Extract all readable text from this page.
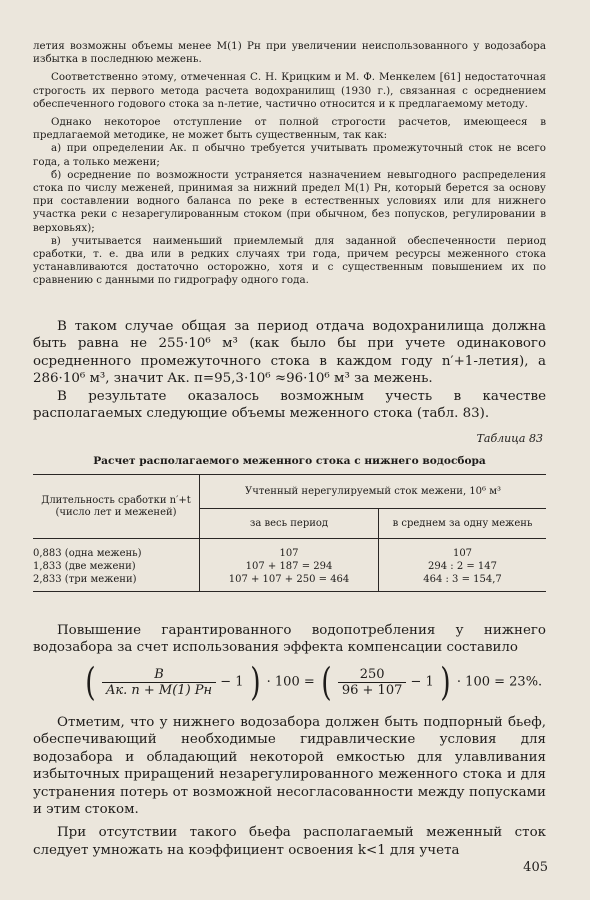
летия возможны объемы менее M(1) Pн при увеличении неиспользованного у водозабора избытка в последнюю межень.

Соответственно этому, отмеченная С. Н. Крицким и М. Ф. Менкелем [61] недостаточная строгость их первого метода расчета водохранилищ (1930 г.), связанная с осреднением обеспеченного годового стока за n-летие, частично относится и к предлагаемому методу.

Однако некоторое отступление от полной строгости расчетов, имеющееся в предлагаемой методике, не может быть существенным, так как:

а) при определении Aк. п обычно требуется учитывать промежуточный сток не всего года, а только межени;

б) осреднение по возможности устраняется назначением невыгодного распределения стока по числу меженей, принимая за нижний предел M(1) Pн, который берется за основу при составлении водного баланса по реке в естественных условиях или для нижнего участка реки с незарегулированным стоком (при обычном, без попусков, регулировании в верховьях);

в) учитывается наименьший приемлемый для заданной обеспеченности период сработки, т. е. два или в редких случаях три года, причем ресурсы меженного стока устанавливаются достаточно осторожно, хотя и с существенным повышением их по сравнению с данными по гидрографу одного года.

В таком случае общая за период отдача водохранилища должна быть равна не 255·10⁶ м³ (как было бы при учете одинакового осредненного промежуточного стока в каждом году n′+1-летия), а 286·10⁶ м³, значит Aк. п=95,3·10⁶ ≈96·10⁶ м³ за межень.

В результате оказалось возможным учесть в качестве располагаемых следующие объемы меженного стока (табл. 83).

Таблица 83
Расчет располагаемого меженного стока с нижнего водосбора
Длительность сработки n′+t (число лет и меженей)	Учтенный нерегулируемый сток межени, 10⁶ м³	
	за весь период	в среднем за одну межень

0,883 (одна межень)	107	107
1,833 (две межени)	107 + 187 = 294	294 : 2 = 147
2,833 (три межени)	107 + 107 + 250 = 464	464 : 3 = 154,7

Повышение гарантированного водопотребления у нижнего водозабора за счет использования эффекта компенсации составило

( $\frac{B}{Aк. п + M(1) Pн} - 1$ ) · 100 = ( $\frac{250}{96 + 107} - 1$ ) · 100 = 23%.

Отметим, что у нижнего водозабора должен быть подпорный бьеф, обеспечивающий необходимые гидравлические условия для водозабора и обладающий некоторой емкостью для улавливания избыточных приращений незарегулированного меженного стока и для устранения потерь от возможной несогласованности между попусками и этим стоком.

При отсутствии такого бьефа располагаемый меженный сток следует умножать на коэффициент освоения k<1 для учета

405
